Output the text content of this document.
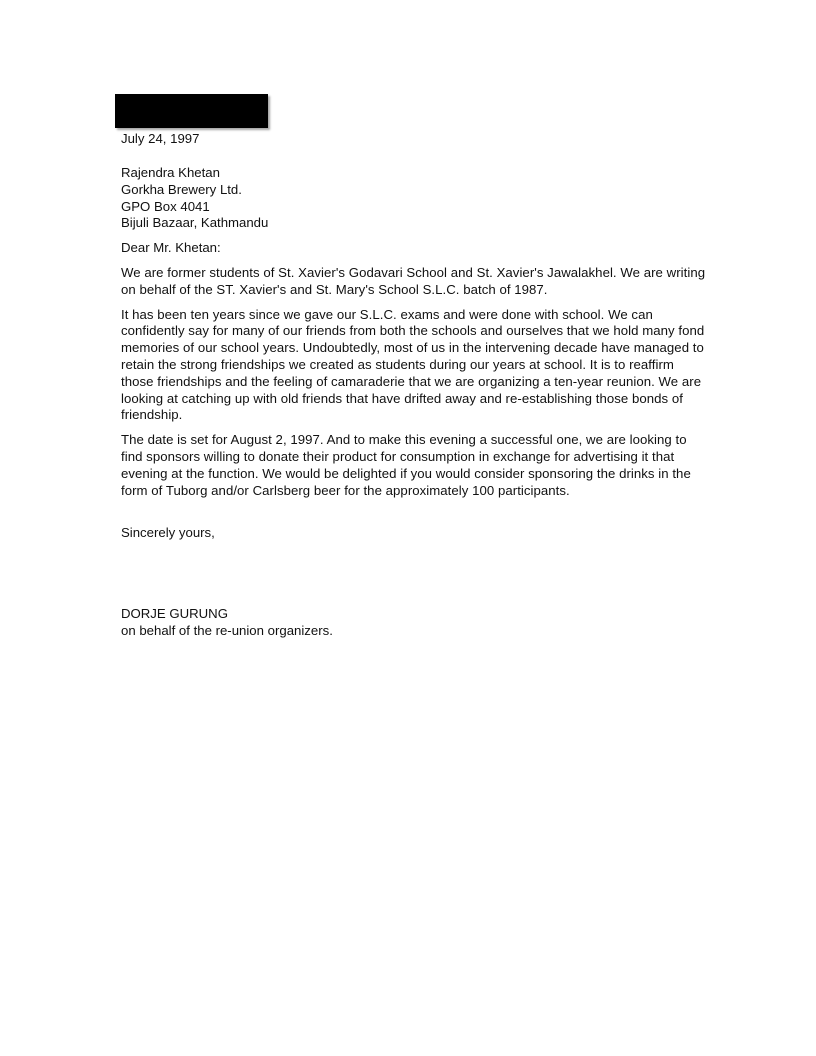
July 24, 1997
Rajendra Khetan
Gorkha Brewery Ltd.
GPO Box 4041
Bijuli Bazaar, Kathmandu
Dear Mr. Khetan:

We are former students of St. Xavier's Godavari School and St. Xavier's Jawalakhel. We are writing on behalf of the ST. Xavier's and St. Mary's School S.L.C. batch of 1987.

It has been ten years since we gave our S.L.C. exams and were done with school. We can confidently say for many of our friends from both the schools and ourselves that we hold many fond memories of our school years. Undoubtedly, most of us in the intervening decade have managed to retain the strong friendships we created as students during our years at school. It is to reaffirm those friendships and the feeling of camaraderie that we are organizing a ten-year reunion. We are looking at catching up with old friends that have drifted away and re-establishing those bonds of friendship.

The date is set for August 2, 1997. And to make this evening a successful one, we are looking to find sponsors willing to donate their product for consumption in exchange for advertising it that evening at the function. We would be delighted if you would consider sponsoring the drinks in the form of Tuborg and/or Carlsberg beer for the approximately 100 participants.

Sincerely yours,
DORJE GURUNG
on behalf of the re-union organizers.
